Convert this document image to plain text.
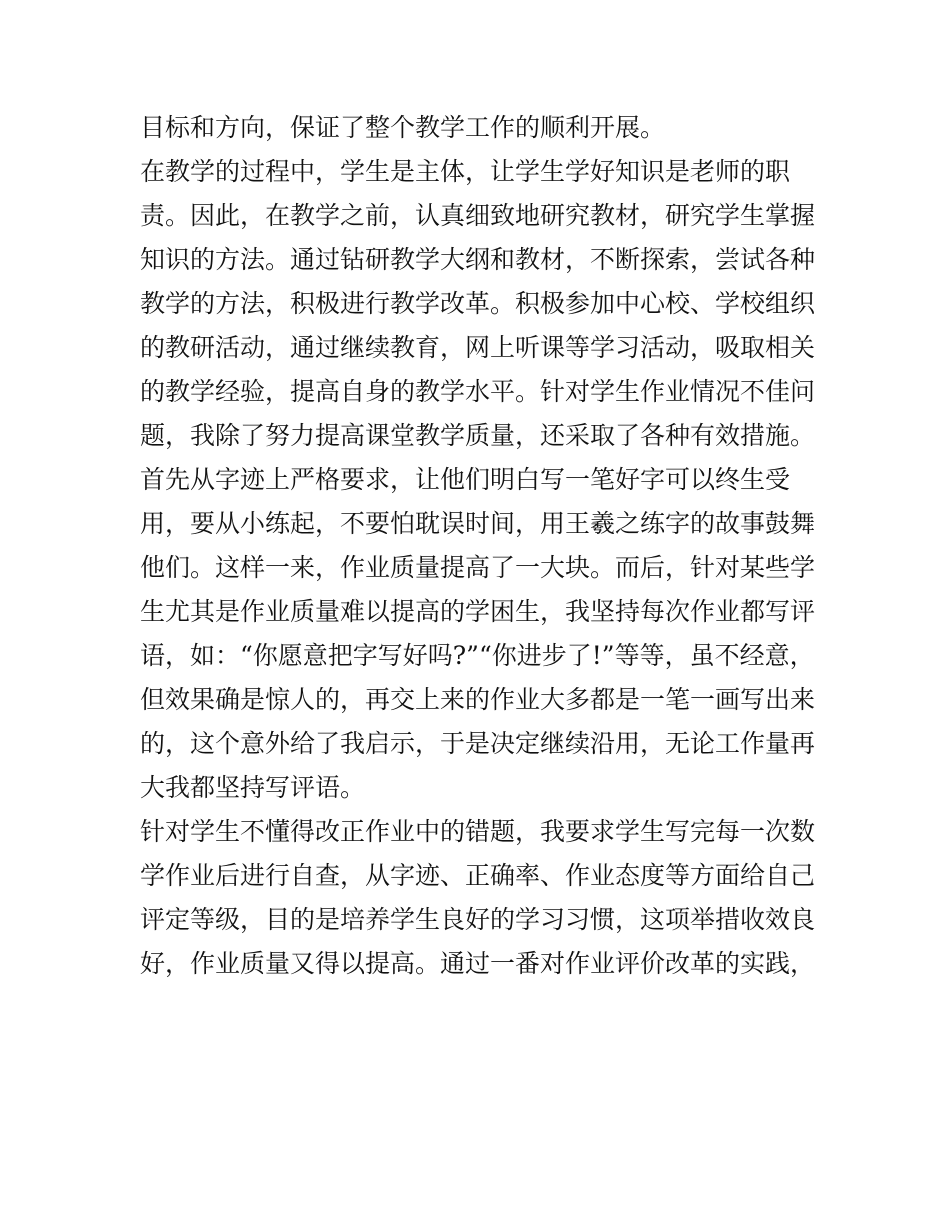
目标和方向，保证了整个教学工作的顺利开展。
在教学的过程中，学生是主体，让学生学好知识是老师的职
责。因此，在教学之前，认真细致地研究教材，研究学生掌握
知识的方法。通过钻研教学大纲和教材，不断探索，尝试各种
教学的方法，积极进行教学改革。积极参加中心校、学校组织
的教研活动，通过继续教育，网上听课等学习活动，吸取相关
的教学经验，提高自身的教学水平。针对学生作业情况不佳问
题，我除了努力提高课堂教学质量，还采取了各种有效措施。
首先从字迹上严格要求，让他们明白写一笔好字可以终生受
用，要从小练起，不要怕耽误时间，用王羲之练字的故事鼓舞
他们。这样一来，作业质量提高了一大块。而后，针对某些学
生尤其是作业质量难以提高的学困生，我坚持每次作业都写评
语，如：“你愿意把字写好吗?”“你进步了!”等等，虽不经意，
但效果确是惊人的，再交上来的作业大多都是一笔一画写出来
的，这个意外给了我启示，于是决定继续沿用，无论工作量再
大我都坚持写评语。
针对学生不懂得改正作业中的错题，我要求学生写完每一次数
学作业后进行自查，从字迹、正确率、作业态度等方面给自己
评定等级，目的是培养学生良好的学习习惯，这项举措收效良
好，作业质量又得以提高。通过一番对作业评价改革的实践，
